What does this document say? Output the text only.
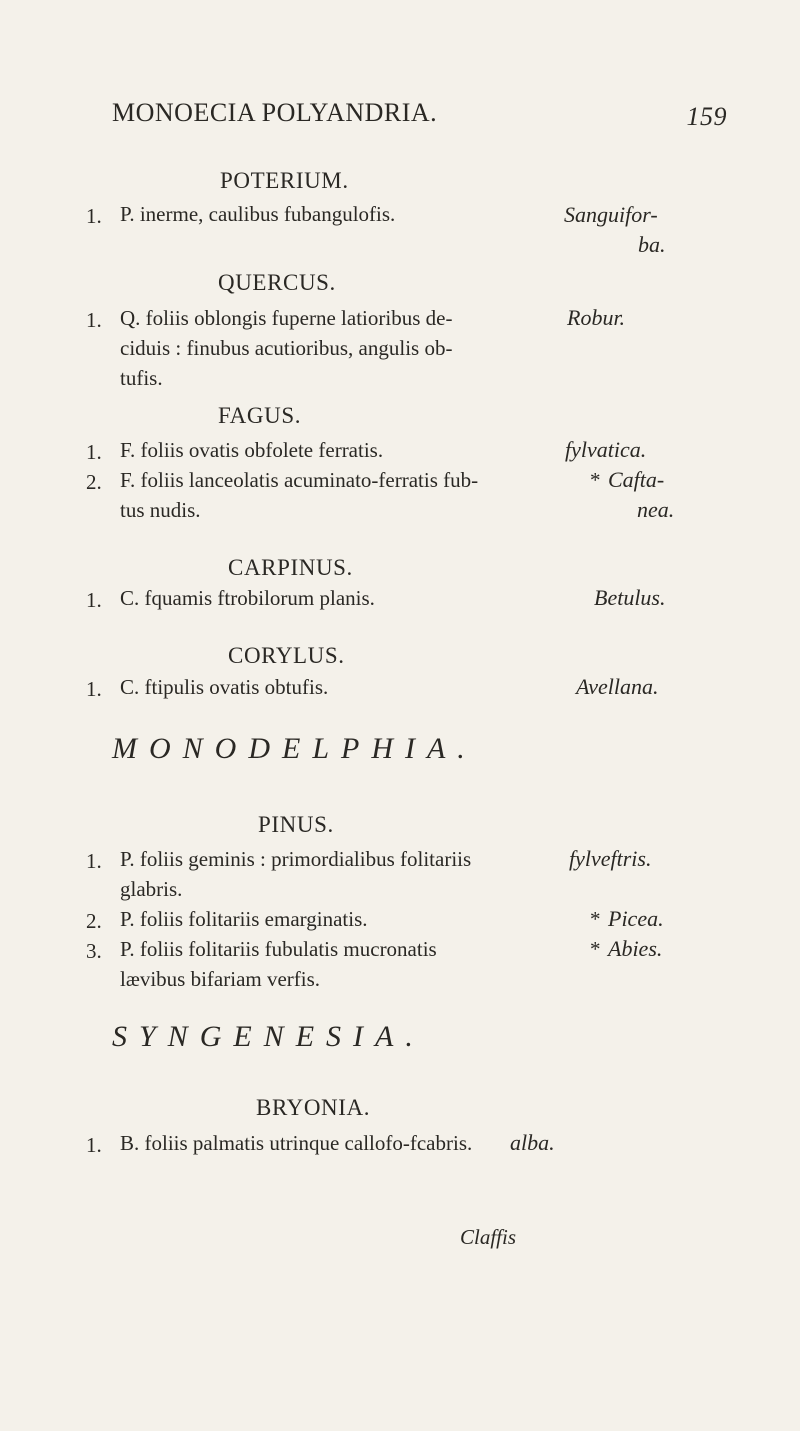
MONOECIA POLYANDRIA.	159
POTERIUM.
1. P. inerme, caulibus fubangulofis.	Sanguifor-
ba.
QUERCUS.
1. Q. foliis oblongis fuperne latioribus de-	Robur.
ciduis : finubus acutioribus, angulis ob-
tufis.
FAGUS.
1. F. foliis ovatis obfolete ferratis.	fylvatica.
2. F. foliis lanceolatis acuminato-ferratis fub-	* Cafta-
tus nudis.	nea.
CARPINUS.
1. C. fquamis ftrobilorum planis.	Betulus.
CORYLUS.
1. C. ftipulis ovatis obtufis.	Avellana.
MONODELPHIA.
PINUS.
1. P. foliis geminis : primordialibus folitariis	fylveftris.
glabris.
2. P. foliis folitariis emarginatis.	* Picea.
3. P. foliis folitariis fubulatis mucronatis	* Abies.
lævibus bifariam verfis.
SYNGENESIA.
BRYONIA.
1. B. foliis palmatis utrinque callofo-fcabris. alba.
Claffis
